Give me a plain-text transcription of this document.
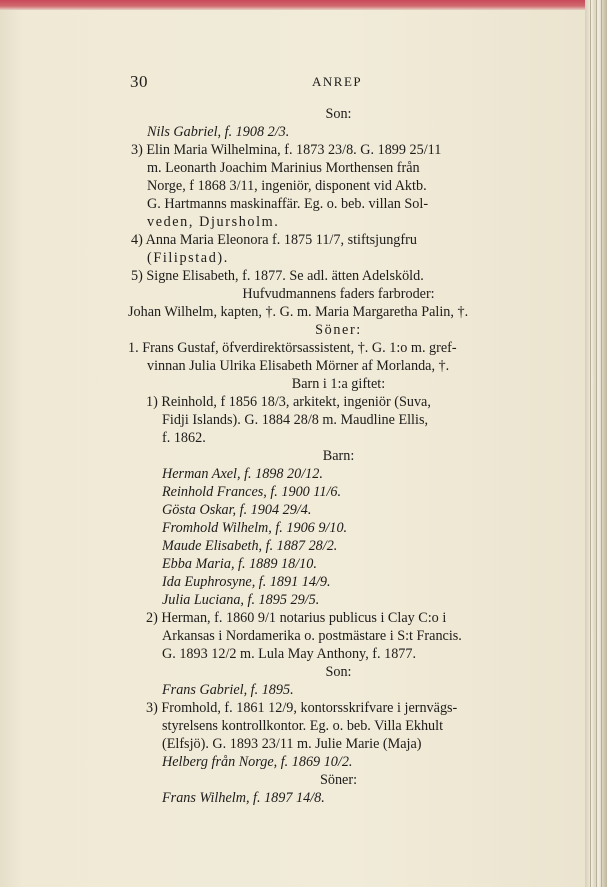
30	ANREP
Son:
Nils Gabriel, f. 1908 2/3.
3) Elin Maria Wilhelmina, f. 1873 23/8. G. 1899 25/11
m. Leonarth Joachim Marinius Morthensen från
Norge, f 1868 3/11, ingeniör, disponent vid Aktb.
G. Hartmanns maskinaffär. Eg. o. beb. villan Sol-
veden, Djursholm.
4) Anna Maria Eleonora f. 1875 11/7, stiftsjungfru
(Filipstad).
5) Signe Elisabeth, f. 1877. Se adl. ätten Adelsköld.
Hufvudmannens faders farbroder:
Johan Wilhelm, kapten, †. G. m. Maria Margaretha Palin, †.
Söner:
1. Frans Gustaf, öfverdirektörsassistent, †. G. 1:o m. gref-
vinnan Julia Ulrika Elisabeth Mörner af Morlanda, †.
Barn i 1:a giftet:
1) Reinhold, f 1856 18/3, arkitekt, ingeniör (Suva,
Fidji Islands). G. 1884 28/8 m. Maudline Ellis,
f. 1862.
Barn:
Herman Axel, f. 1898 20/12.
Reinhold Frances, f. 1900 11/6.
Gösta Oskar, f. 1904 29/4.
Fromhold Wilhelm, f. 1906 9/10.
Maude Elisabeth, f. 1887 28/2.
Ebba Maria, f. 1889 18/10.
Ida Euphrosyne, f. 1891 14/9.
Julia Luciana, f. 1895 29/5.
2) Herman, f. 1860 9/1 notarius publicus i Clay C:o i
Arkansas i Nordamerika o. postmästare i S:t Francis.
G. 1893 12/2 m. Lula May Anthony, f. 1877.
Son:
Frans Gabriel, f. 1895.
3) Fromhold, f. 1861 12/9, kontorsskrifvare i jernvägs-
styrelsens kontrollkontor. Eg. o. beb. Villa Ekhult
(Elfsjö). G. 1893 23/11 m. Julie Marie (Maja)
Helberg från Norge, f. 1869 10/2.
Söner:
Frans Wilhelm, f. 1897 14/8.
